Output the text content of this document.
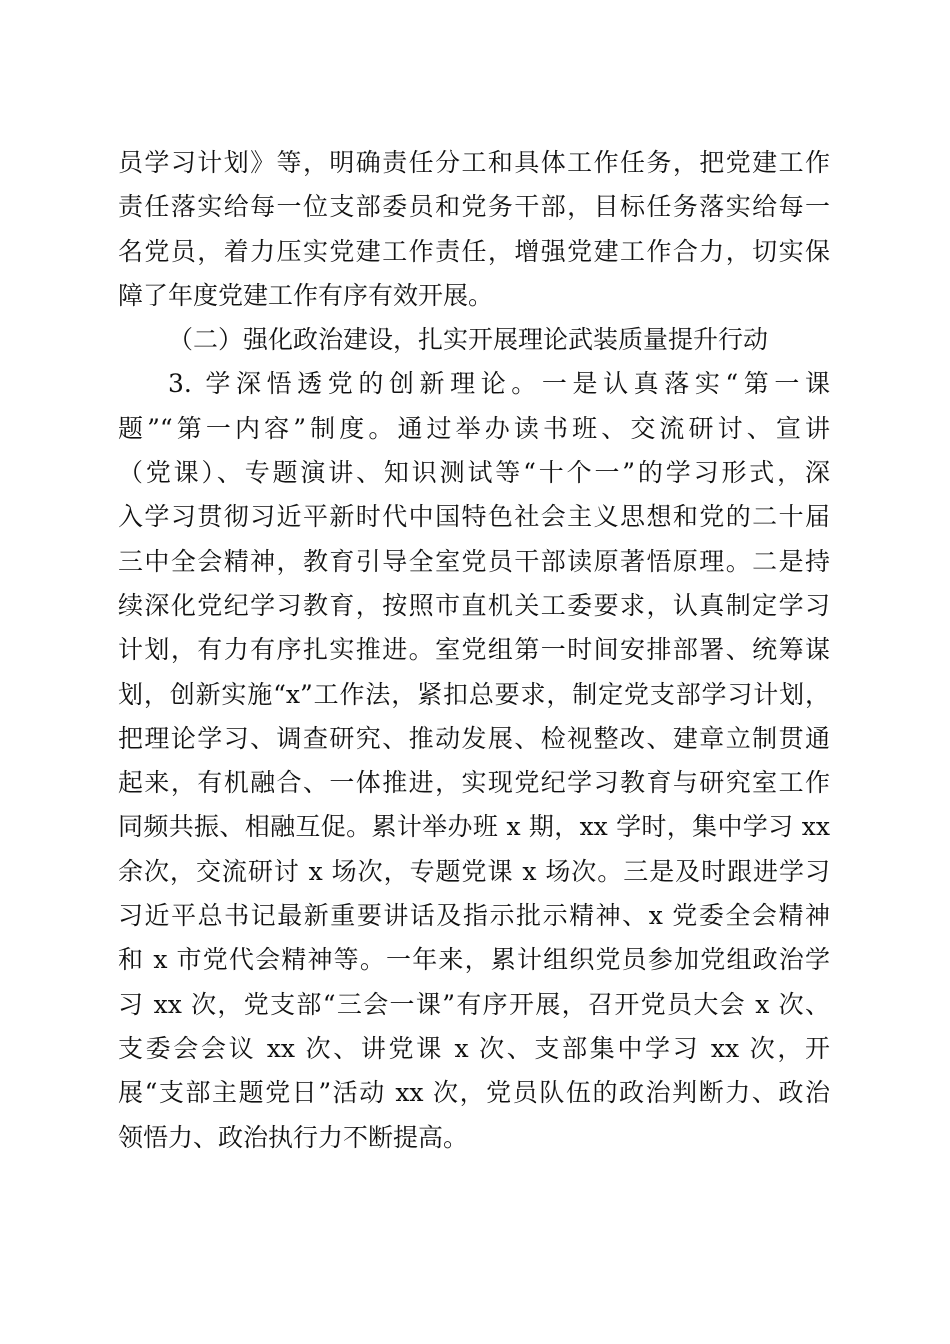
员学习计划》等，明确责任分工和具体工作任务，把党建工作
责任落实给每一位支部委员和党务干部，目标任务落实给每一
名党员，着力压实党建工作责任，增强党建工作合力，切实保
障了年度党建工作有序有效开展。
（二）强化政治建设，扎实开展理论武装质量提升行动
3. 学深悟透党的创新理论。一是认真落实“第一课
题”“第一内容”制度。通过举办读书班、交流研讨、宣讲
（党课）、专题演讲、知识测试等“十个一”的学习形式，深
入学习贯彻习近平新时代中国特色社会主义思想和党的二十届
三中全会精神，教育引导全室党员干部读原著悟原理。二是持
续深化党纪学习教育，按照市直机关工委要求，认真制定学习
计划，有力有序扎实推进。室党组第一时间安排部署、统筹谋
划，创新实施“x”工作法，紧扣总要求，制定党支部学习计划，
把理论学习、调查研究、推动发展、检视整改、建章立制贯通
起来，有机融合、一体推进，实现党纪学习教育与研究室工作
同频共振、相融互促。累计举办班 x 期，xx 学时，集中学习 xx
余次，交流研讨 x 场次，专题党课 x 场次。三是及时跟进学习
习近平总书记最新重要讲话及指示批示精神、x 党委全会精神
和 x 市党代会精神等。一年来，累计组织党员参加党组政治学
习 xx 次，党支部“三会一课”有序开展，召开党员大会 x 次、
支委会会议 xx 次、讲党课 x 次、支部集中学习 xx 次，开
展“支部主题党日”活动 xx 次，党员队伍的政治判断力、政治
领悟力、政治执行力不断提高。
